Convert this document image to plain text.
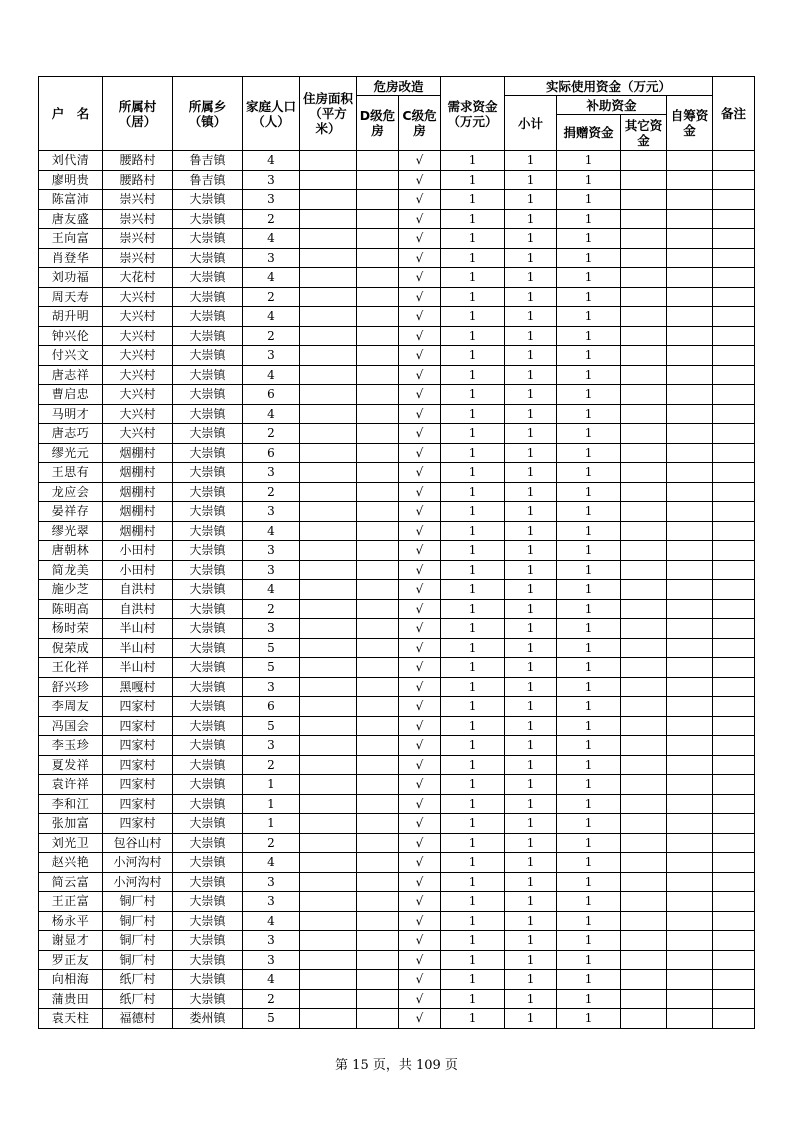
户　名	所属村（居）	所属乡（镇）	家庭人口（人）	住房面积（平方米）	危房改造		需求资金（万元）	实际使用资金（万元）				备注
					D级危房	C级危房		小计	补助资金		自筹资金	
									捐赠资金	其它资金		
刘代清	腰路村	鲁吉镇	4			√	1	1	1			
廖明贵	腰路村	鲁吉镇	3			√	1	1	1			
陈富沛	崇兴村	大崇镇	3			√	1	1	1			
唐友盛	崇兴村	大崇镇	2			√	1	1	1			
王向富	崇兴村	大崇镇	4			√	1	1	1			
肖登华	崇兴村	大崇镇	3			√	1	1	1			
刘功福	大花村	大崇镇	4			√	1	1	1			
周天寿	大兴村	大崇镇	2			√	1	1	1			
胡升明	大兴村	大崇镇	4			√	1	1	1			
钟兴伦	大兴村	大崇镇	2			√	1	1	1			
付兴文	大兴村	大崇镇	3			√	1	1	1			
唐志祥	大兴村	大崇镇	4			√	1	1	1			
曹启忠	大兴村	大崇镇	6			√	1	1	1			
马明才	大兴村	大崇镇	4			√	1	1	1			
唐志巧	大兴村	大崇镇	2			√	1	1	1			
缪光元	烟棚村	大崇镇	6			√	1	1	1			
王思有	烟棚村	大崇镇	3			√	1	1	1			
龙应会	烟棚村	大崇镇	2			√	1	1	1			
晏祥存	烟棚村	大崇镇	3			√	1	1	1			
缪光翠	烟棚村	大崇镇	4			√	1	1	1			
唐朝林	小田村	大崇镇	3			√	1	1	1			
简龙美	小田村	大崇镇	3			√	1	1	1			
施少芝	自洪村	大崇镇	4			√	1	1	1			
陈明高	自洪村	大崇镇	2			√	1	1	1			
杨时荣	半山村	大崇镇	3			√	1	1	1			
倪荣成	半山村	大崇镇	5			√	1	1	1			
王化祥	半山村	大崇镇	5			√	1	1	1			
舒兴珍	黑嘎村	大崇镇	3			√	1	1	1			
李周友	四家村	大崇镇	6			√	1	1	1			
冯国会	四家村	大崇镇	5			√	1	1	1			
李玉珍	四家村	大崇镇	3			√	1	1	1			
夏发祥	四家村	大崇镇	2			√	1	1	1			
袁许祥	四家村	大崇镇	1			√	1	1	1			
李和江	四家村	大崇镇	1			√	1	1	1			
张加富	四家村	大崇镇	1			√	1	1	1			
刘光卫	包谷山村	大崇镇	2			√	1	1	1			
赵兴艳	小河沟村	大崇镇	4			√	1	1	1			
简云富	小河沟村	大崇镇	3			√	1	1	1			
王正富	铜厂村	大崇镇	3			√	1	1	1			
杨永平	铜厂村	大崇镇	4			√	1	1	1			
谢显才	铜厂村	大崇镇	3			√	1	1	1			
罗正友	铜厂村	大崇镇	3			√	1	1	1			
向相海	纸厂村	大崇镇	4			√	1	1	1			
蒲贵田	纸厂村	大崇镇	2			√	1	1	1			
袁天柱	福德村	娄州镇	5			√	1	1	1			
第 15 页，共 109 页
